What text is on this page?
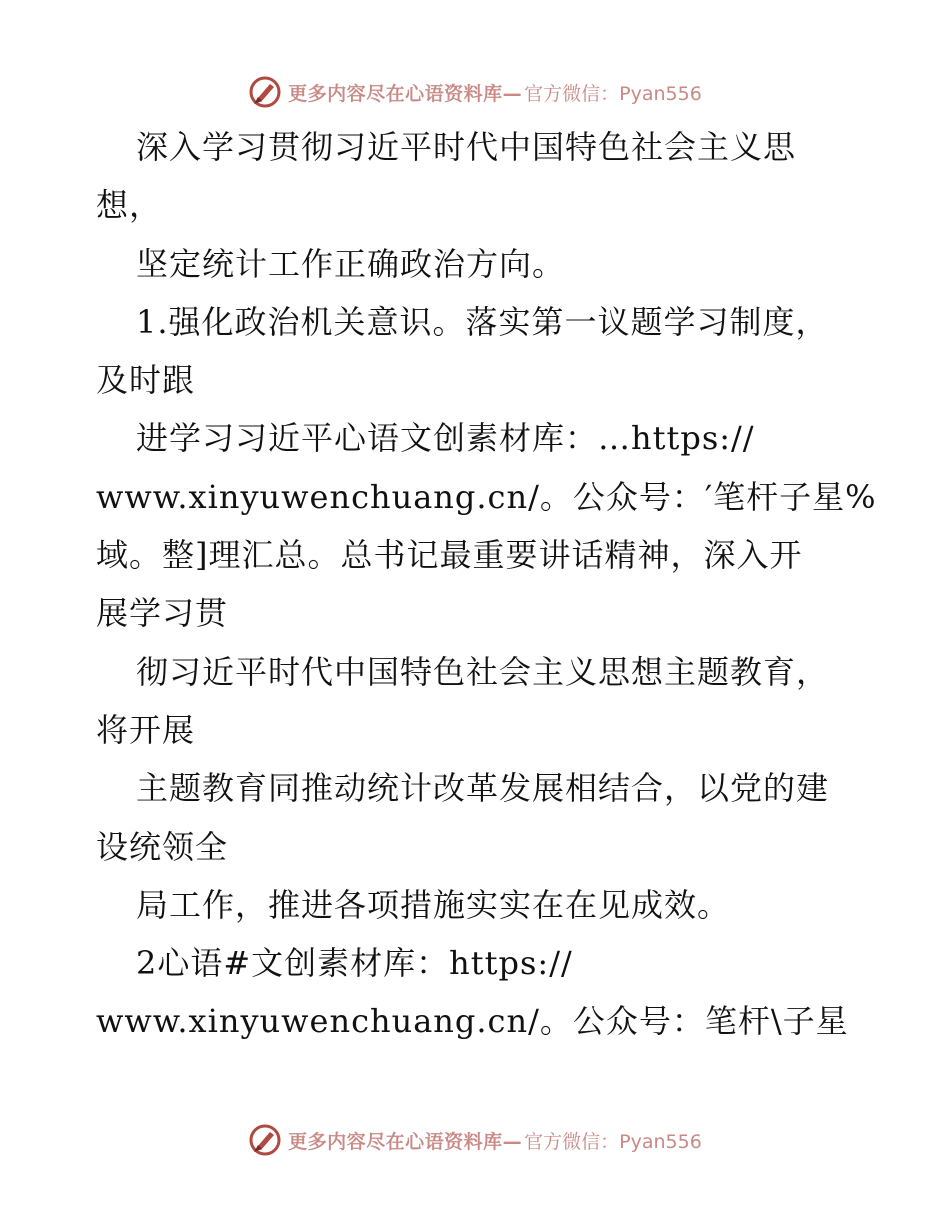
更多内容尽在心语资料库— 官方微信：Pyan556
深入学习贯彻习近平时代中国特色社会主义思
想，
坚定统计工作正确政治方向。
1.强化政治机关意识。落实第一议题学习制度，
及时跟
进学习习近平心语文创素材库：…https://
www.xinyuwenchuang.cn/。公众号：′笔杆子星%
域。整]理汇总。总书记最重要讲话精神，深入开
展学习贯
彻习近平时代中国特色社会主义思想主题教育，
将开展
主题教育同推动统计改革发展相结合，以党的建
设统领全
局工作，推进各项措施实实在在见成效。
2心语#文创素材库：https://
www.xinyuwenchuang.cn/。公众号：笔杆\子星
更多内容尽在心语资料库— 官方微信：Pyan556
